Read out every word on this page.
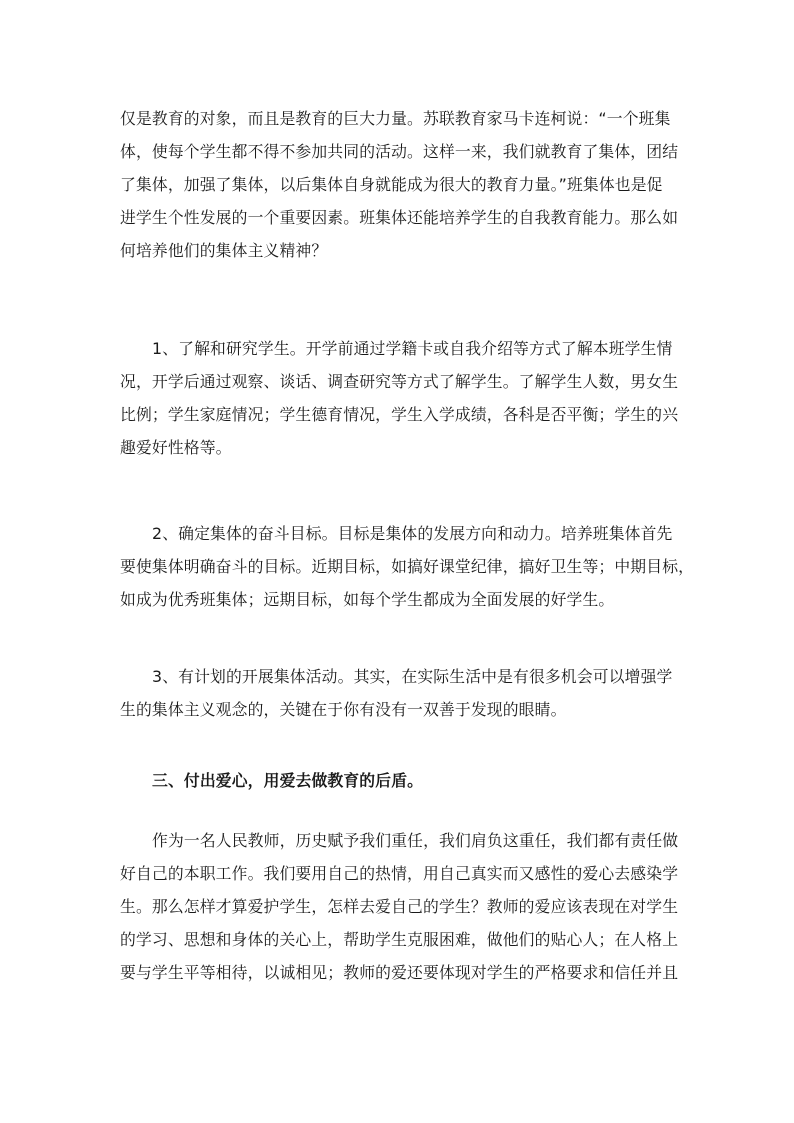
仅是教育的对象，而且是教育的巨大力量。苏联教育家马卡连柯说：“一个班集
体，使每个学生都不得不参加共同的活动。这样一来，我们就教育了集体，团结
了集体，加强了集体，以后集体自身就能成为很大的教育力量。”班集体也是促
进学生个性发展的一个重要因素。班集体还能培养学生的自我教育能力。那么如
何培养他们的集体主义精神？
1、了解和研究学生。开学前通过学籍卡或自我介绍等方式了解本班学生情
况，开学后通过观察、谈话、调查研究等方式了解学生。了解学生人数，男女生
比例；学生家庭情况；学生德育情况，学生入学成绩，各科是否平衡；学生的兴
趣爱好性格等。
2、确定集体的奋斗目标。目标是集体的发展方向和动力。培养班集体首先
要使集体明确奋斗的目标。近期目标，如搞好课堂纪律，搞好卫生等；中期目标，
如成为优秀班集体；远期目标，如每个学生都成为全面发展的好学生。
3、有计划的开展集体活动。其实，在实际生活中是有很多机会可以增强学
生的集体主义观念的，关键在于你有没有一双善于发现的眼睛。
三、付出爱心，用爱去做教育的后盾。
作为一名人民教师，历史赋予我们重任，我们肩负这重任，我们都有责任做
好自己的本职工作。我们要用自己的热情，用自己真实而又感性的爱心去感染学
生。那么怎样才算爱护学生，怎样去爱自己的学生？教师的爱应该表现在对学生
的学习、思想和身体的关心上，帮助学生克服困难，做他们的贴心人；在人格上
要与学生平等相待，以诚相见；教师的爱还要体现对学生的严格要求和信任并且
